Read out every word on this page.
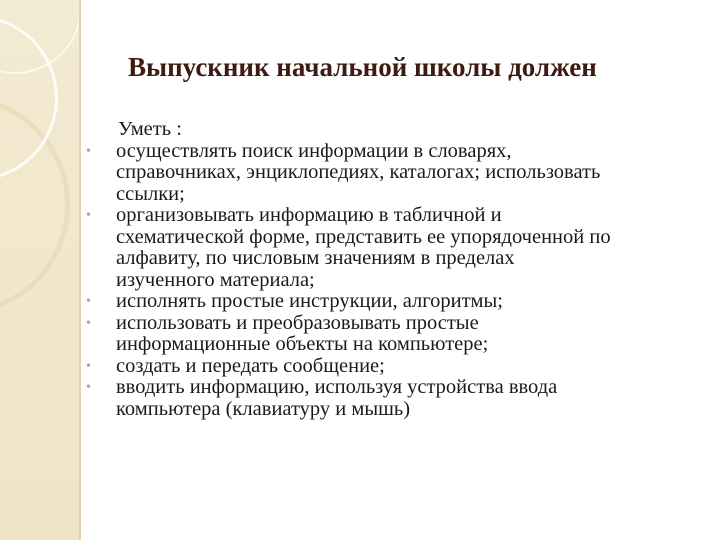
Выпускник начальной школы должен
Уметь :
• осуществлять поиск информации в словарях,
справочниках, энциклопедиях, каталогах; использовать
ссылки;
• организовывать информацию в табличной и
схематической форме, представить ее упорядоченной по
алфавиту, по числовым значениям в пределах
изученного материала;
• исполнять простые инструкции, алгоритмы;
• использовать и преобразовывать простые
информационные объекты на компьютере;
• создать и передать сообщение;
• вводить информацию, используя устройства ввода
компьютера (клавиатуру и мышь)
